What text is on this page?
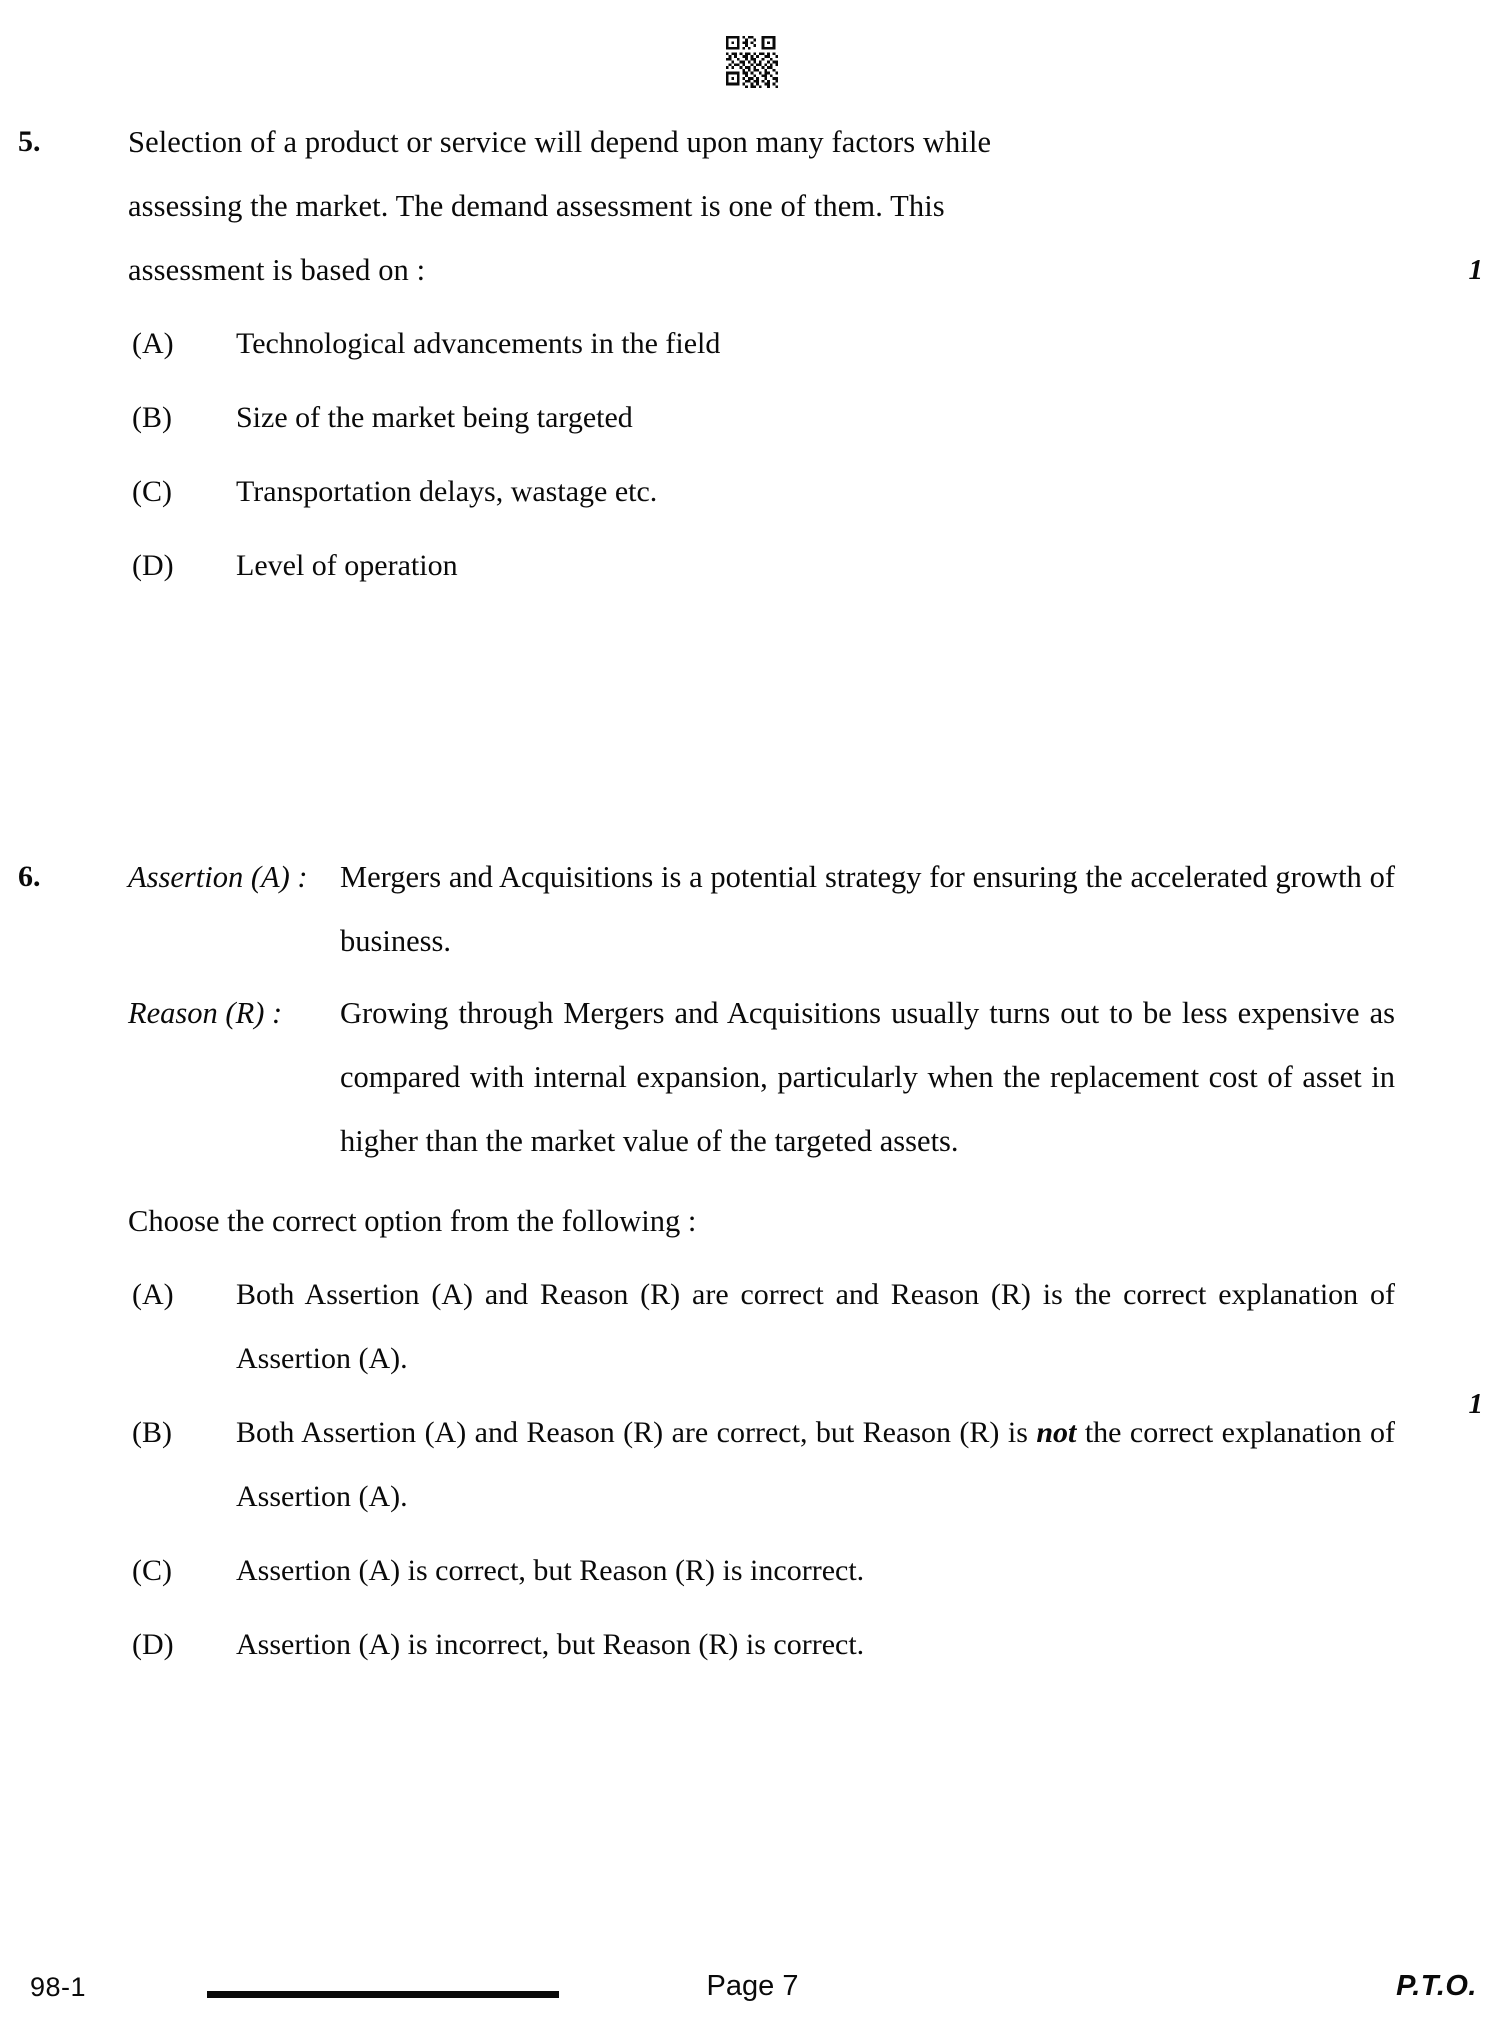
5.
1
Selection of a product or service will depend upon many factors while
assessing the market. The demand assessment is one of them. This
assessment is based on :
(A)	Technological advancements in the field
(B)	Size of the market being targeted
(C)	Transportation delays, wastage etc.
(D)	Level of operation
6.
1
Assertion (A) :	Mergers and Acquisitions is a potential strategy for ensuring the accelerated growth of business.
Reason (R) :	Growing through Mergers and Acquisitions usually turns out to be less expensive as compared with internal expansion, particularly when the replacement cost of asset in higher than the market value of the targeted assets.
Choose the correct option from the following :
(A)	Both Assertion (A) and Reason (R) are correct and Reason (R) is the correct explanation of Assertion (A).
(B)	Both Assertion (A) and Reason (R) are correct, but Reason (R) is not the correct explanation of Assertion (A).
(C)	Assertion (A) is correct, but Reason (R) is incorrect.
(D)	Assertion (A) is incorrect, but Reason (R) is correct.
98-1	Page 7	P.T.O.
